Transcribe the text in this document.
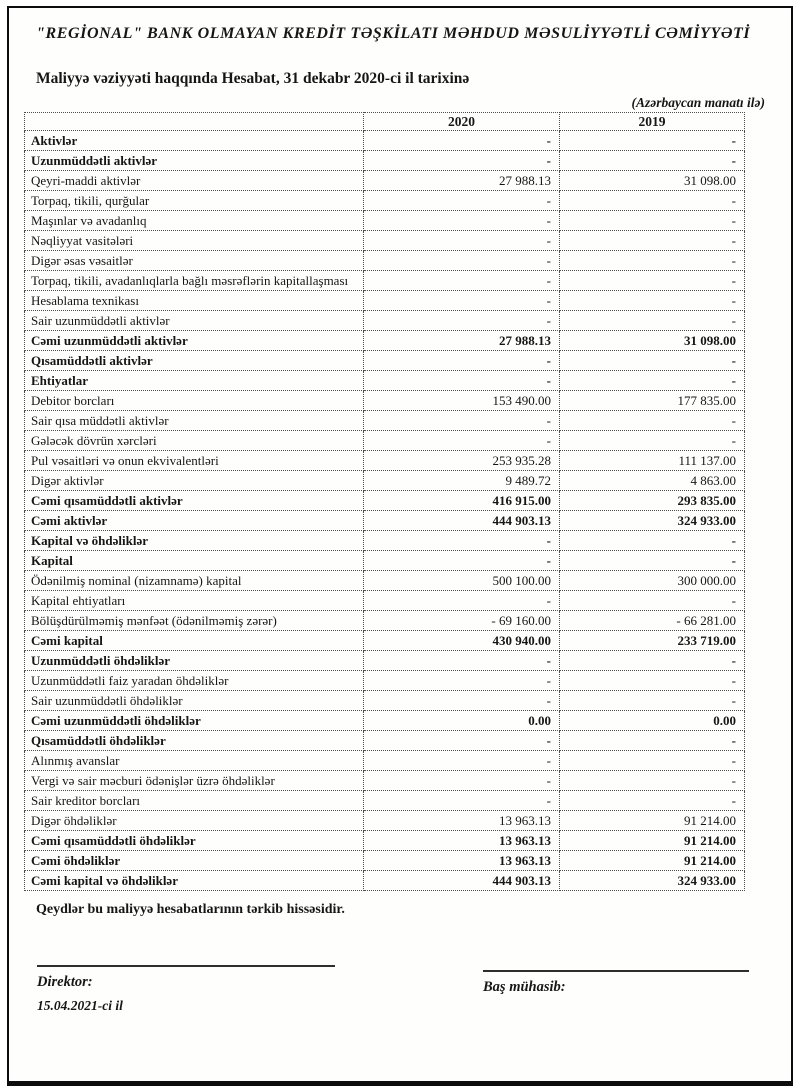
"REGİONAL" BANK OLMAYAN KREDİT TƏŞKİLATI MƏHDUD MƏSULİYYƏTLİ CƏMİYYƏTİ
Maliyyə vəziyyəti haqqında Hesabat, 31 dekabr 2020-ci il tarixinə
(Azərbaycan manatı ilə)
	2020	2019
Aktivlər	-	-
Uzunmüddətli aktivlər	-	-
Qeyri-maddi aktivlər	27 988.13	31 098.00
Torpaq, tikili, qurğular	-	-
Maşınlar və avadanlıq	-	-
Nəqliyyat vasitələri	-	-
Digər əsas vəsaitlər	-	-
Torpaq, tikili, avadanlıqlarla bağlı məsrəflərin kapitallaşması	-	-
Hesablama texnikası	-	-
Sair uzunmüddətli aktivlər	-	-
Cəmi uzunmüddətli aktivlər	27 988.13	31 098.00
Qısamüddətli aktivlər	-	-
Ehtiyatlar	-	-
Debitor borcları	153 490.00	177 835.00
Sair qısa müddətli aktivlər	-	-
Gələcək dövrün xərcləri	-	-
Pul vəsaitləri və onun ekvivalentləri	253 935.28	111 137.00
Digər aktivlər	9 489.72	4 863.00
Cəmi qısamüddətli aktivlər	416 915.00	293 835.00
Cəmi aktivlər	444 903.13	324 933.00
Kapital və öhdəliklər	-	-
Kapital	-	-
Ödənilmiş nominal (nizamnamə) kapital	500 100.00	300 000.00
Kapital ehtiyatları	-	-
Bölüşdürülməmiş mənfəət (ödənilməmiş zərər)	- 69 160.00	- 66 281.00
Cəmi kapital	430 940.00	233 719.00
Uzunmüddətli öhdəliklər	-	-
Uzunmüddətli faiz yaradan öhdəliklər	-	-
Sair uzunmüddətli öhdəliklər	-	-
Cəmi uzunmüddətli öhdəliklər	0.00	0.00
Qısamüddətli öhdəliklər	-	-
Alınmış avanslar	-	-
Vergi və sair məcburi ödənişlər üzrə öhdəliklər	-	-
Sair kreditor borcları	-	-
Digər öhdəliklər	13 963.13	91 214.00
Cəmi qısamüddətli öhdəliklər	13 963.13	91 214.00
Cəmi öhdəliklər	13 963.13	91 214.00
Cəmi kapital və öhdəliklər	444 903.13	324 933.00
Qeydlər bu maliyyə hesabatlarının tərkib hissəsidir.
Direktor:
15.04.2021-ci il
Baş mühasib:
